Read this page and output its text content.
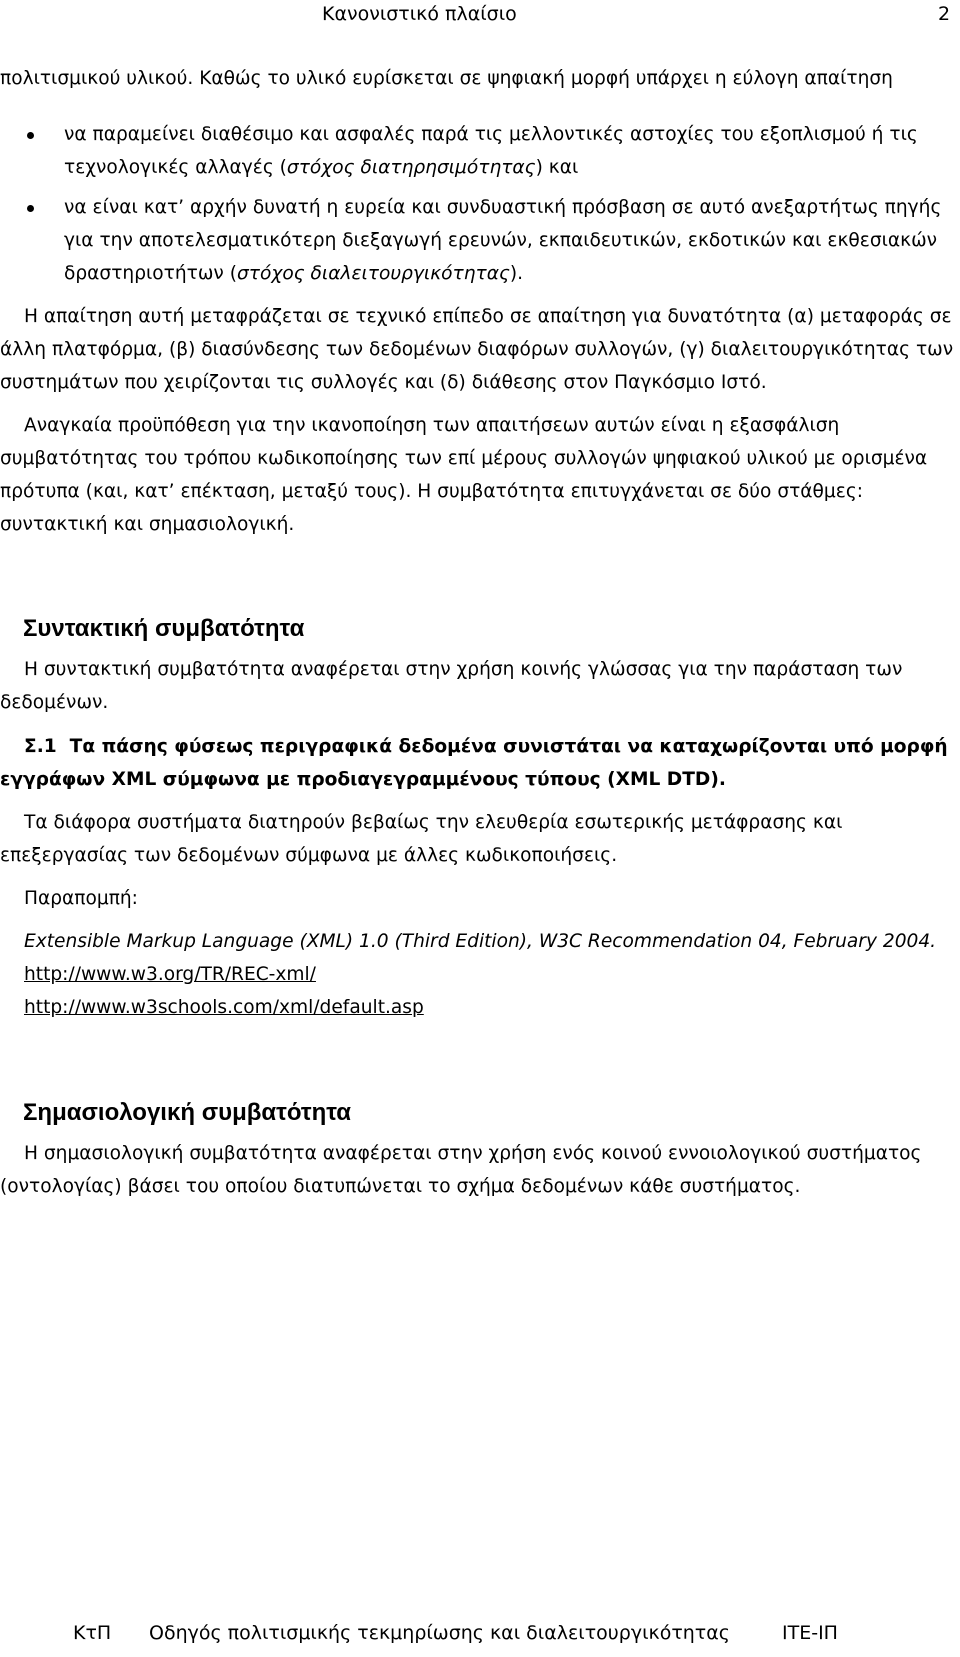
Κανονιστικό πλαίσιο	2

πολιτισμικού υλικού. Καθώς το υλικό ευρίσκεται σε ψηφιακή μορφή υπάρχει η εύλογη απαίτηση

να παραμείνει διαθέσιμο και ασφαλές παρά τις μελλοντικές αστοχίες του εξοπλισμού ή τις τεχνολογικές αλλαγές (στόχος διατηρησιμότητας) και
να είναι κατ’ αρχήν δυνατή η ευρεία και συνδυαστική πρόσβαση σε αυτό ανεξαρτήτως πηγής για την αποτελεσματικότερη διεξαγωγή ερευνών, εκπαιδευτικών, εκδοτικών και εκθεσιακών δραστηριοτήτων (στόχος διαλειτουργικότητας).

Η απαίτηση αυτή μεταφράζεται σε τεχνικό επίπεδο σε απαίτηση για δυνατότητα (α) μεταφοράς σε άλλη πλατφόρμα, (β) διασύνδεσης των δεδομένων διαφόρων συλλογών, (γ) διαλειτουργικότητας των συστημάτων που χειρίζονται τις συλλογές και (δ) διάθεσης στον Παγκόσμιο Ιστό.

Αναγκαία προϋπόθεση για την ικανοποίηση των απαιτήσεων αυτών είναι η εξασφάλιση συμβατότητας του τρόπου κωδικοποίησης των επί μέρους συλλογών ψηφιακού υλικού με ορισμένα πρότυπα (και, κατ’ επέκταση, μεταξύ τους). Η συμβατότητα επιτυγχάνεται σε δύο στάθμες: συντακτική και σημασιολογική.

Συντακτική συμβατότητα

Η συντακτική συμβατότητα αναφέρεται στην χρήση κοινής γλώσσας για την παράσταση των δεδομένων.

Σ.1 Τα πάσης φύσεως περιγραφικά δεδομένα συνιστάται να καταχωρίζονται υπό μορφή εγγράφων XML σύμφωνα με προδιαγεγραμμένους τύπους (XML DTD).

Τα διάφορα συστήματα διατηρούν βεβαίως την ελευθερία εσωτερικής μετάφρασης και επεξεργασίας των δεδομένων σύμφωνα με άλλες κωδικοποιήσεις.

Παραπομπή:

Extensible Markup Language (XML) 1.0 (Third Edition), W3C Recommendation 04, February 2004.

http://www.w3.org/TR/REC-xml/
http://www.w3schools.com/xml/default.asp
Σημασιολογική συμβατότητα

Η σημασιολογική συμβατότητα αναφέρεται στην χρήση ενός κοινού εννοιολογικού συστήματος (οντολογίας) βάσει του οποίου διατυπώνεται το σχήμα δεδομένων κάθε συστήματος.

ΚτΠ Οδηγός πολιτισμικής τεκμηρίωσης και διαλειτουργικότητας	ΙΤΕ-ΙΠ
